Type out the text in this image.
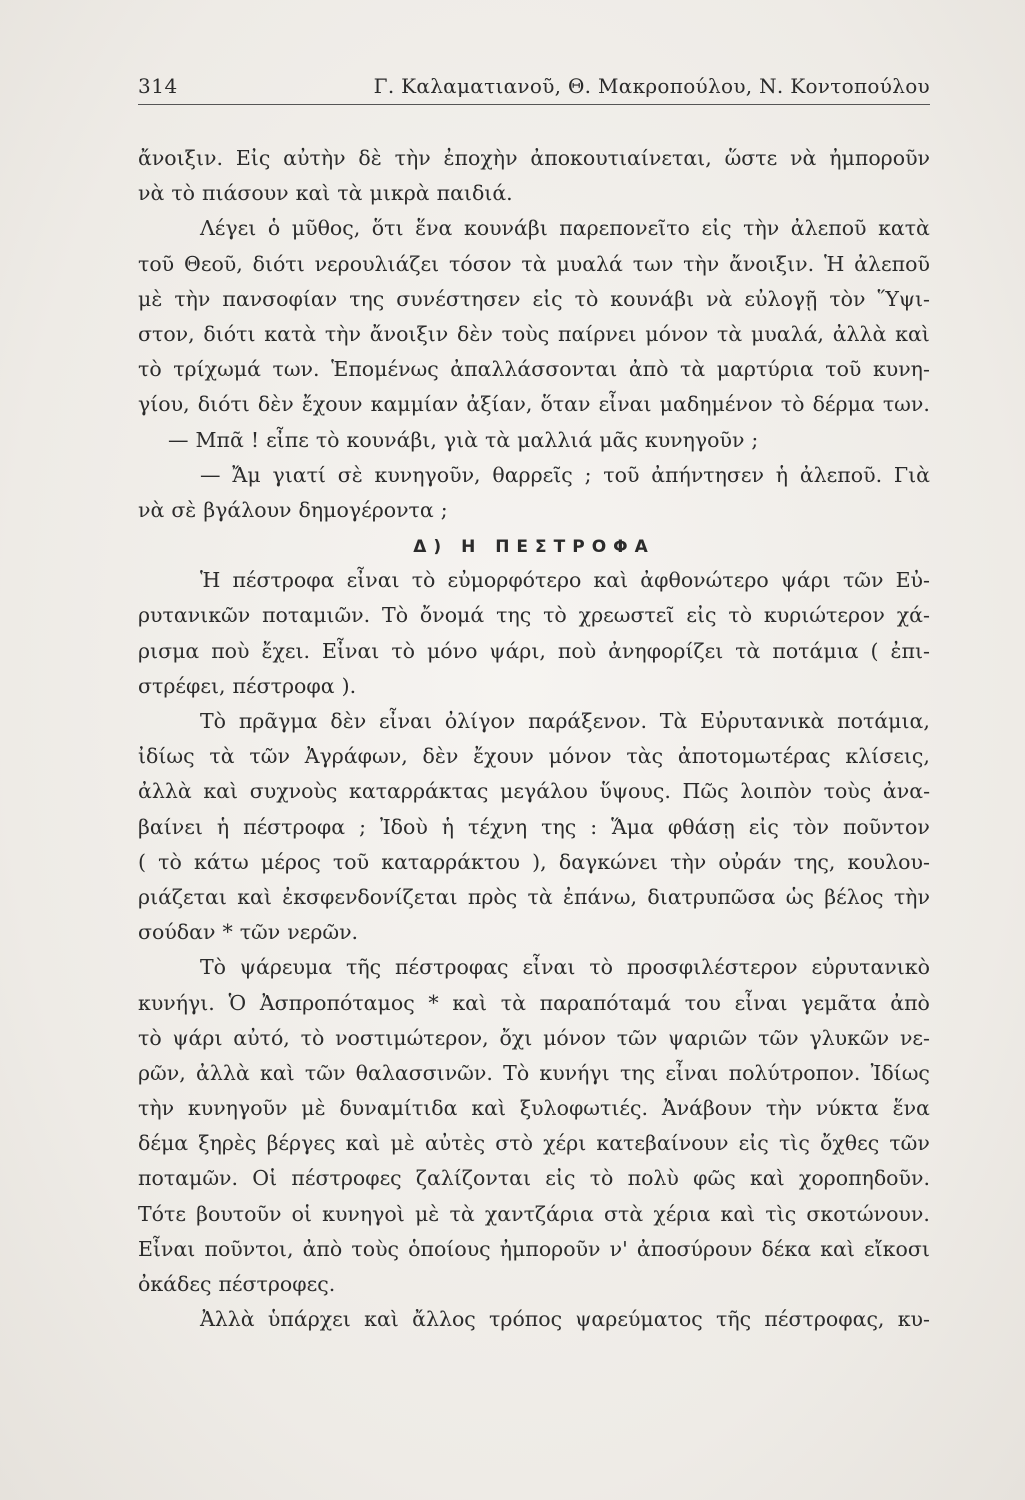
314	Γ. Καλαματιανοῦ, Θ. Μακροπούλου, Ν. Κοντοπούλου
ἄνοιξιν. Εἰς αὐτὴν δὲ τὴν ἐποχὴν ἀποκουτιαίνεται, ὥστε νὰ ἠμποροῦν
νὰ τὸ πιάσουν καὶ τὰ μικρὰ παιδιά.
Λέγει ὁ μῦθος, ὅτι ἕνα κουνάβι παρεπονεῖτο εἰς τὴν ἀλεποῦ κατὰ
τοῦ Θεοῦ, διότι νερουλιάζει τόσον τὰ μυαλά των τὴν ἄνοιξιν. Ἡ ἀλεποῦ
μὲ τὴν πανσοφίαν της συνέστησεν εἰς τὸ κουνάβι νὰ εὐλογῇ τὸν Ὕψι-
στον, διότι κατὰ τὴν ἄνοιξιν δὲν τοὺς παίρνει μόνον τὰ μυαλά, ἀλλὰ καὶ
τὸ τρίχωμά των. Ἑπομένως ἀπαλλάσσονται ἀπὸ τὰ μαρτύρια τοῦ κυνη-
γίου, διότι δὲν ἔχουν καμμίαν ἀξίαν, ὅταν εἶναι μαδημένον τὸ δέρμα των.
— Μπᾶ ! εἶπε τὸ κουνάβι, γιὰ τὰ μαλλιά μᾶς κυνηγοῦν ;
— Ἄμ γιατί σὲ κυνηγοῦν, θαρρεῖς ; τοῦ ἀπήντησεν ἡ ἀλεποῦ. Γιὰ
νὰ σὲ βγάλουν δημογέροντα ;
Δ) Η ΠΕΣΤΡΟΦΑ
Ἡ πέστροφα εἶναι τὸ εὐμορφότερο καὶ ἀφθονώτερο ψάρι τῶν Εὐ-
ρυτανικῶν ποταμιῶν. Τὸ ὄνομά της τὸ χρεωστεῖ εἰς τὸ κυριώτερον χά-
ρισμα ποὺ ἔχει. Εἶναι τὸ μόνο ψάρι, ποὺ ἀνηφορίζει τὰ ποτάμια ( ἐπι-
στρέφει, πέστροφα ).
Τὸ πρᾶγμα δὲν εἶναι ὀλίγον παράξενον. Τὰ Εὐρυτανικὰ ποτάμια,
ἰδίως τὰ τῶν Ἀγράφων, δὲν ἔχουν μόνον τὰς ἀποτομωτέρας κλίσεις,
ἀλλὰ καὶ συχνοὺς καταρράκτας μεγάλου ὕψους. Πῶς λοιπὸν τοὺς ἀνα-
βαίνει ἡ πέστροφα ; Ἰδοὺ ἡ τέχνη της : Ἅμα φθάσῃ εἰς τὸν ποῦντον
( τὸ κάτω μέρος τοῦ καταρράκτου ), δαγκώνει τὴν οὐράν της, κουλου-
ριάζεται καὶ ἐκσφενδονίζεται πρὸς τὰ ἐπάνω, διατρυπῶσα ὡς βέλος τὴν
σούδαν * τῶν νερῶν.
Τὸ ψάρευμα τῆς πέστροφας εἶναι τὸ προσφιλέστερον εὐρυτανικὸ
κυνήγι. Ὁ Ἀσπροπόταμος * καὶ τὰ παραπόταμά του εἶναι γεμᾶτα ἀπὸ
τὸ ψάρι αὐτό, τὸ νοστιμώτερον, ὄχι μόνον τῶν ψαριῶν τῶν γλυκῶν νε-
ρῶν, ἀλλὰ καὶ τῶν θαλασσινῶν. Τὸ κυνήγι της εἶναι πολύτροπον. Ἰδίως
τὴν κυνηγοῦν μὲ δυναμίτιδα καὶ ξυλοφωτιές. Ἀνάβουν τὴν νύκτα ἕνα
δέμα ξηρὲς βέργες καὶ μὲ αὐτὲς στὸ χέρι κατεβαίνουν εἰς τὶς ὄχθες τῶν
ποταμῶν. Οἱ πέστροφες ζαλίζονται εἰς τὸ πολὺ φῶς καὶ χοροπηδοῦν.
Τότε βουτοῦν οἱ κυνηγοὶ μὲ τὰ χαντζάρια στὰ χέρια καὶ τὶς σκοτώνουν.
Εἶναι ποῦντοι, ἀπὸ τοὺς ὁποίους ἠμποροῦν ν' ἀποσύρουν δέκα καὶ εἴκοσι
ὀκάδες πέστροφες.
Ἀλλὰ ὑπάρχει καὶ ἄλλος τρόπος ψαρεύματος τῆς πέστροφας, κυ-
